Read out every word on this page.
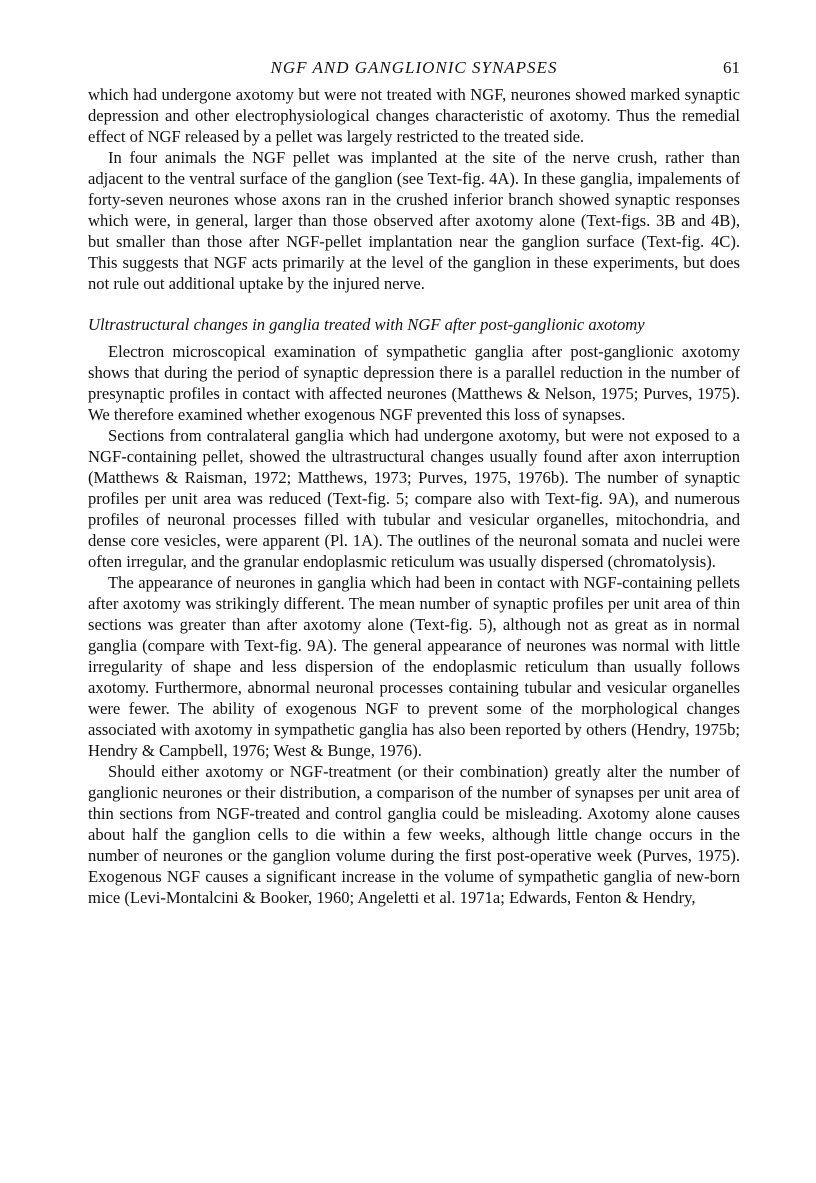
NGF AND GANGLIONIC SYNAPSES	61

which had undergone axotomy but were not treated with NGF, neurones showed marked synaptic depression and other electrophysiological changes characteristic of axotomy. Thus the remedial effect of NGF released by a pellet was largely restricted to the treated side.

In four animals the NGF pellet was implanted at the site of the nerve crush, rather than adjacent to the ventral surface of the ganglion (see Text-fig. 4A). In these ganglia, impalements of forty-seven neurones whose axons ran in the crushed inferior branch showed synaptic responses which were, in general, larger than those observed after axotomy alone (Text-figs. 3B and 4B), but smaller than those after NGF-pellet implantation near the ganglion surface (Text-fig. 4C). This suggests that NGF acts primarily at the level of the ganglion in these experiments, but does not rule out additional uptake by the injured nerve.

Ultrastructural changes in ganglia treated with NGF after post-ganglionic axotomy

Electron microscopical examination of sympathetic ganglia after post-ganglionic axotomy shows that during the period of synaptic depression there is a parallel reduction in the number of presynaptic profiles in contact with affected neurones (Matthews & Nelson, 1975; Purves, 1975). We therefore examined whether exogenous NGF prevented this loss of synapses.

Sections from contralateral ganglia which had undergone axotomy, but were not exposed to a NGF-containing pellet, showed the ultrastructural changes usually found after axon interruption (Matthews & Raisman, 1972; Matthews, 1973; Purves, 1975, 1976b). The number of synaptic profiles per unit area was reduced (Text-fig. 5; compare also with Text-fig. 9A), and numerous profiles of neuronal processes filled with tubular and vesicular organelles, mitochondria, and dense core vesicles, were apparent (Pl. 1A). The outlines of the neuronal somata and nuclei were often irregular, and the granular endoplasmic reticulum was usually dispersed (chromatolysis).

The appearance of neurones in ganglia which had been in contact with NGF-containing pellets after axotomy was strikingly different. The mean number of synaptic profiles per unit area of thin sections was greater than after axotomy alone (Text-fig. 5), although not as great as in normal ganglia (compare with Text-fig. 9A). The general appearance of neurones was normal with little irregularity of shape and less dispersion of the endoplasmic reticulum than usually follows axotomy. Furthermore, abnormal neuronal processes containing tubular and vesicular organelles were fewer. The ability of exogenous NGF to prevent some of the morphological changes associated with axotomy in sympathetic ganglia has also been reported by others (Hendry, 1975b; Hendry & Campbell, 1976; West & Bunge, 1976).

Should either axotomy or NGF-treatment (or their combination) greatly alter the number of ganglionic neurones or their distribution, a comparison of the number of synapses per unit area of thin sections from NGF-treated and control ganglia could be misleading. Axotomy alone causes about half the ganglion cells to die within a few weeks, although little change occurs in the number of neurones or the ganglion volume during the first post-operative week (Purves, 1975). Exogenous NGF causes a significant increase in the volume of sympathetic ganglia of new-born mice (Levi-Montalcini & Booker, 1960; Angeletti et al. 1971a; Edwards, Fenton & Hendry,
